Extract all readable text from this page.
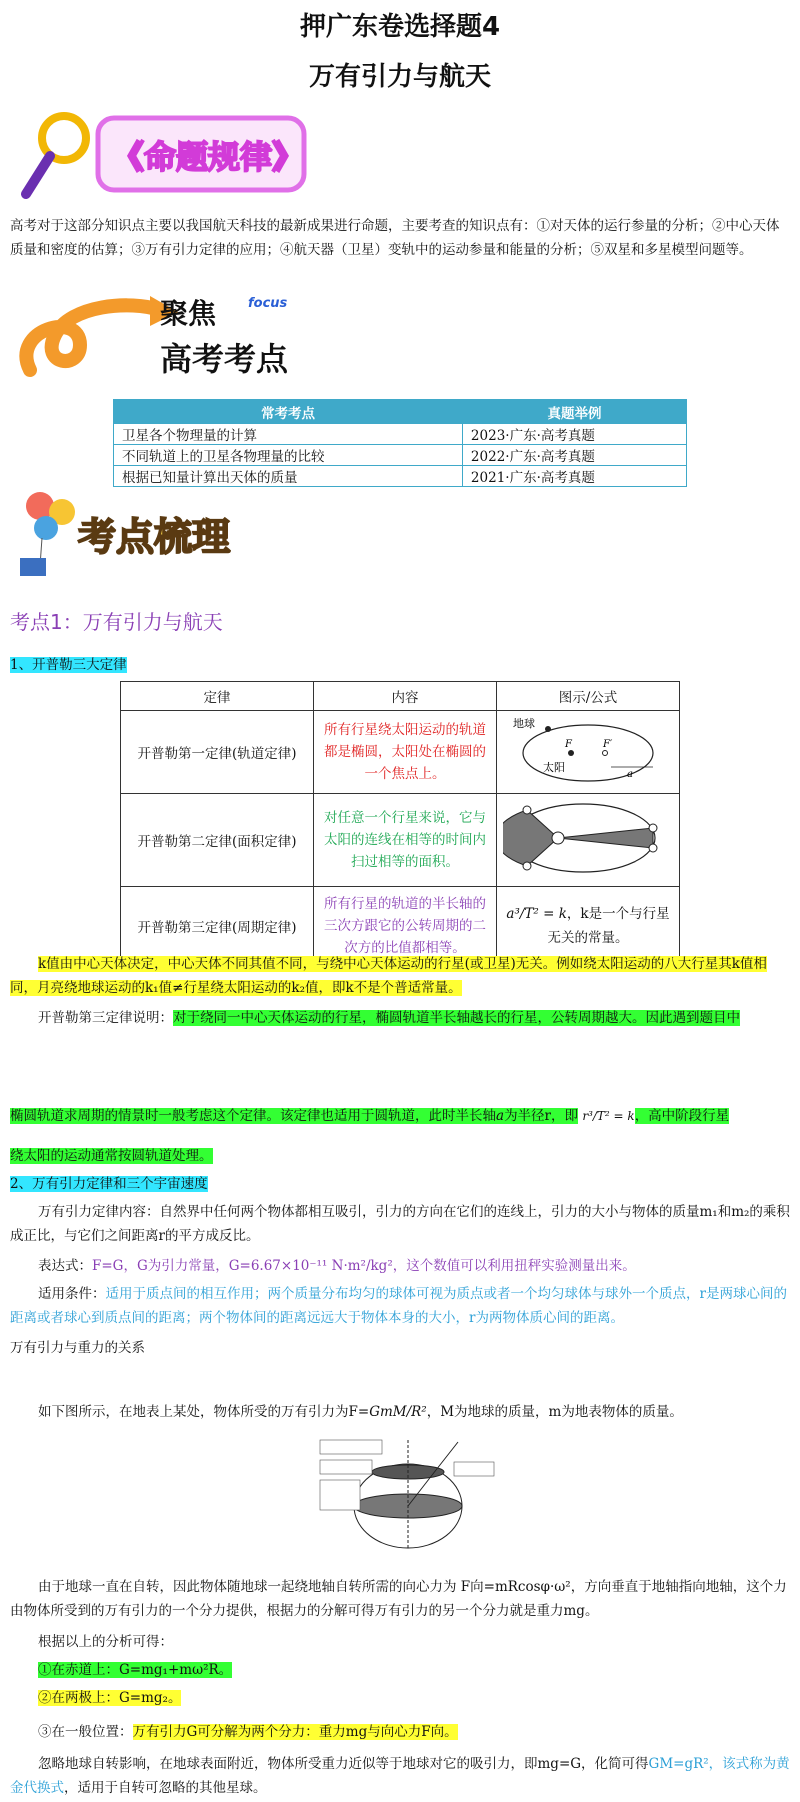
押广东卷选择题4
万有引力与航天
《命题规律》
高考对于这部分知识点主要以我国航天科技的最新成果进行命题，主要考查的知识点有：①对天体的运行参量的分析；②中心天体质量和密度的估算；③万有引力定律的应用；④航天器（卫星）变轨中的运动参量和能量的分析；⑤双星和多星模型问题等。
聚焦 focus
高考考点
常考考点	真题举例
卫星各个物理量的计算	2023·广东·高考真题
不同轨道上的卫星各物理量的比较	2022·广东·高考真题
根据已知量计算出天体的质量	2021·广东·高考真题
考点梳理
考点1：万有引力与航天
1、开普勒三大定律
定律	内容	图示/公式
开普勒第一定律(轨道定律)	所有行星绕太阳运动的轨道都是椭圆，太阳处在椭圆的一个焦点上。	地球
F F′
太阳
a

开普勒第二定律(面积定律)	对任意一个行星来说，它与太阳的连线在相等的时间内扫过相等的面积。	
开普勒第三定律(周期定律)	所有行星的轨道的半长轴的三次方跟它的公转周期的二次方的比值都相等。	a³/T² = k，k是一个与行星无关的常量。
k值由中心天体决定，中心天体不同其值不同，与绕中心天体运动的行星(或卫星)无关。例如绕太阳运动的八大行星其k值相同，月亮绕地球运动的k₁值≠行星绕太阳运动的k₂值，即k不是个普适常量。
开普勒第三定律说明：对于绕同一中心天体运动的行星，椭圆轨道半长轴越长的行星，公转周期越大。因此遇到题目中
椭圆轨道求周期的情景时一般考虑这个定律。该定律也适用于圆轨道，此时半长轴a为半径r，即 r³/T² = k，高中阶段行星
绕太阳的运动通常按圆轨道处理。
2、万有引力定律和三个宇宙速度
万有引力定律内容：自然界中任何两个物体都相互吸引，引力的方向在它们的连线上，引力的大小与物体的质量m₁和m₂的乘积成正比，与它们之间距离r的平方成反比。
表达式：F=G，G为引力常量，G=6.67×10⁻¹¹ N·m²/kg²，这个数值可以利用扭秤实验测量出来。
适用条件：适用于质点间的相互作用；两个质量分布均匀的球体可视为质点或者一个均匀球体与球外一个质点，r是两球心间的距离或者球心到质点间的距离；两个物体间的距离远远大于物体本身的大小，r为两物体质心间的距离。
万有引力与重力的关系
如下图所示，在地表上某处，物体所受的万有引力为F=GmM/R²，M为地球的质量，m为地表物体的质量。
由于地球一直在自转，因此物体随地球一起绕地轴自转所需的向心力为 F向=mRcosφ·ω²，方向垂直于地轴指向地轴，这个力由物体所受到的万有引力的一个分力提供，根据力的分解可得万有引力的另一个分力就是重力mg。
根据以上的分析可得：
①在赤道上：G=mg₁+mω²R。
②在两极上：G=mg₂。
③在一般位置：万有引力G可分解为两个分力：重力mg与向心力F向。
忽略地球自转影响，在地球表面附近，物体所受重力近似等于地球对它的吸引力，即mg=G，化简可得GM=gR²，该式称为黄金代换式，适用于自转可忽略的其他星球。
